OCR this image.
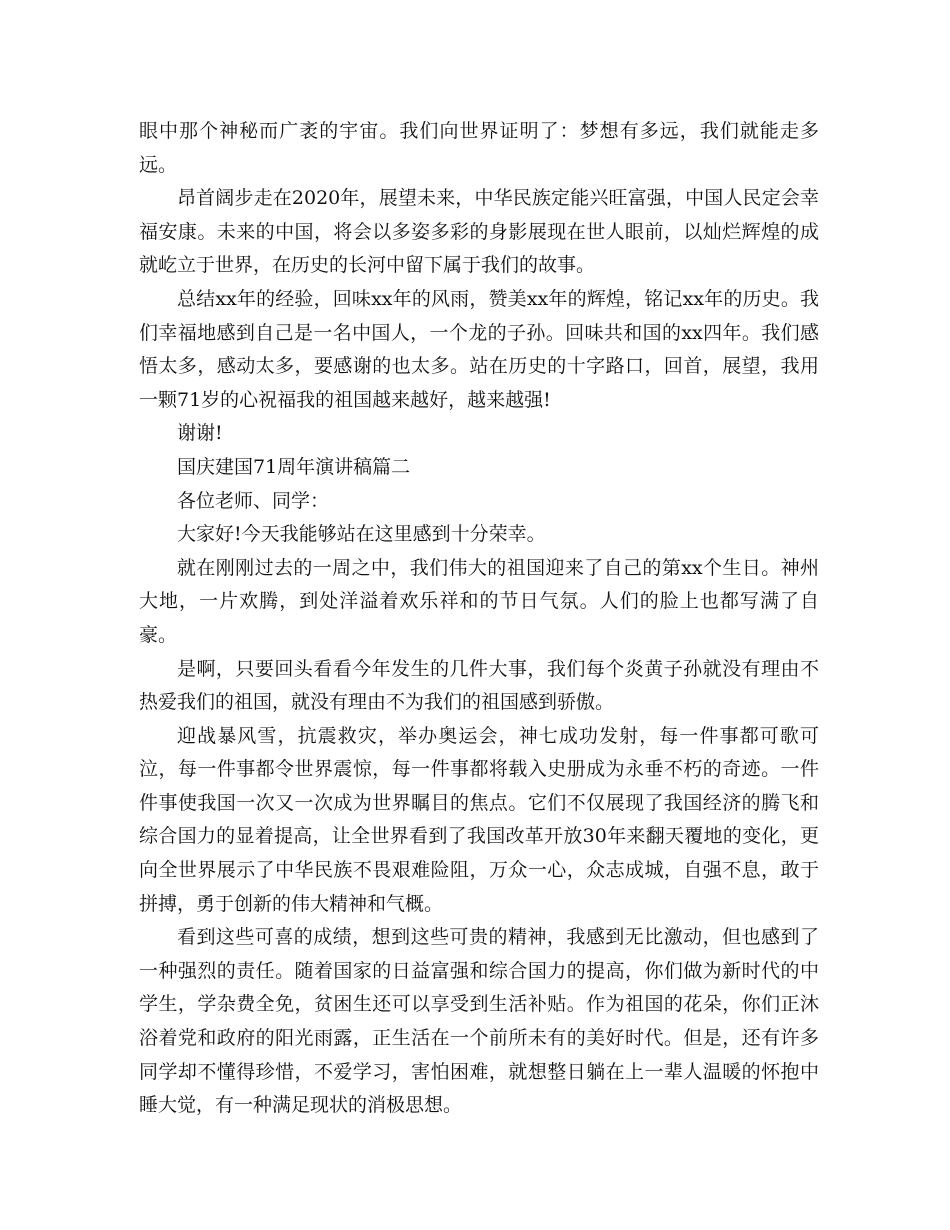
眼中那个神秘而广袤的宇宙。我们向世界证明了：梦想有多远，我们就能走多远。

昂首阔步走在2020年，展望未来，中华民族定能兴旺富强，中国人民定会幸福安康。未来的中国，将会以多姿多彩的身影展现在世人眼前，以灿烂辉煌的成就屹立于世界，在历史的长河中留下属于我们的故事。

总结xx年的经验，回味xx年的风雨，赞美xx年的辉煌，铭记xx年的历史。我们幸福地感到自己是一名中国人，一个龙的子孙。回味共和国的xx四年。我们感悟太多，感动太多，要感谢的也太多。站在历史的十字路口，回首，展望，我用一颗71岁的心祝福我的祖国越来越好，越来越强!

谢谢!

国庆建国71周年演讲稿篇二

各位老师、同学：

大家好!今天我能够站在这里感到十分荣幸。

就在刚刚过去的一周之中，我们伟大的祖国迎来了自己的第xx个生日。神州大地，一片欢腾，到处洋溢着欢乐祥和的节日气氛。人们的脸上也都写满了自豪。

是啊，只要回头看看今年发生的几件大事，我们每个炎黄子孙就没有理由不热爱我们的祖国，就没有理由不为我们的祖国感到骄傲。

迎战暴风雪，抗震救灾，举办奥运会，神七成功发射，每一件事都可歌可泣，每一件事都令世界震惊，每一件事都将载入史册成为永垂不朽的奇迹。一件件事使我国一次又一次成为世界瞩目的焦点。它们不仅展现了我国经济的腾飞和综合国力的显着提高，让全世界看到了我国改革开放30年来翻天覆地的变化，更向全世界展示了中华民族不畏艰难险阻，万众一心，众志成城，自强不息，敢于拼搏，勇于创新的伟大精神和气概。

看到这些可喜的成绩，想到这些可贵的精神，我感到无比激动，但也感到了一种强烈的责任。随着国家的日益富强和综合国力的提高，你们做为新时代的中学生，学杂费全免，贫困生还可以享受到生活补贴。作为祖国的花朵，你们正沐浴着党和政府的阳光雨露，正生活在一个前所未有的美好时代。但是，还有许多同学却不懂得珍惜，不爱学习，害怕困难，就想整日躺在上一辈人温暖的怀抱中睡大觉，有一种满足现状的消极思想。
